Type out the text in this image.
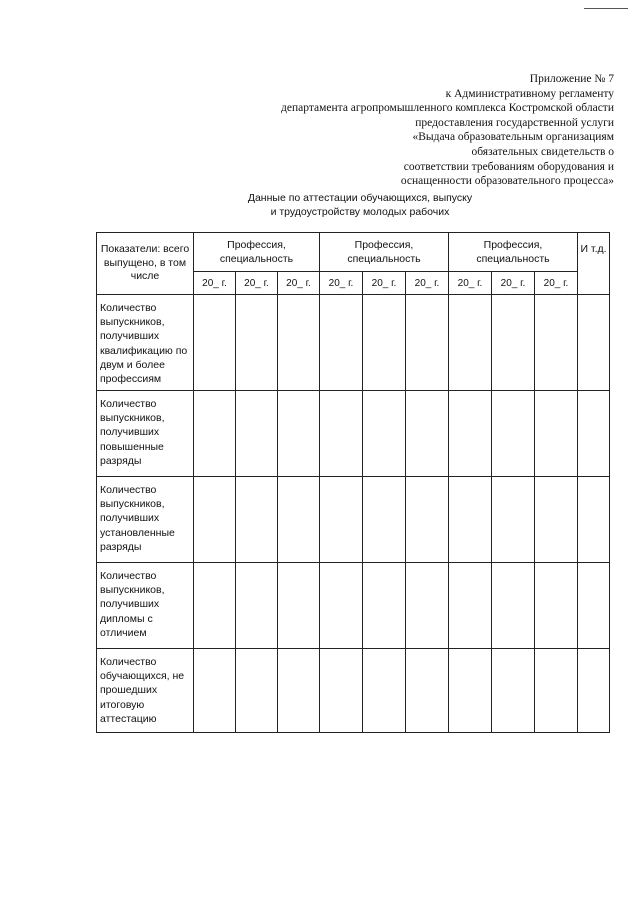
Приложение № 7
к Административному регламенту
департамента агропромышленного комплекса Костромской области
предоставления государственной услуги
«Выдача образовательным организациям
обязательных свидетельств о
соответствии требованиям оборудования и
оснащенности образовательного процесса»
Данные по аттестации обучающихся, выпуску
и трудоустройству молодых рабочих
Показатели: всего выпущено, в том числе	Профессия, специальность			Профессия, специальность			Профессия, специальность			И т.д.
	20_ г.	20_ г.	20_ г.	20_ г.	20_ г.	20_ г.	20_ г.	20_ г.	20_ г.	
Количество выпускников, получивших квалификацию по двум и более профессиям										
Количество выпускников, получивших повышенные разряды										
Количество выпускников, получивших установленные разряды										
Количество выпускников, получивших дипломы с отличием										
Количество обучающихся, не прошедших итоговую аттестацию										
